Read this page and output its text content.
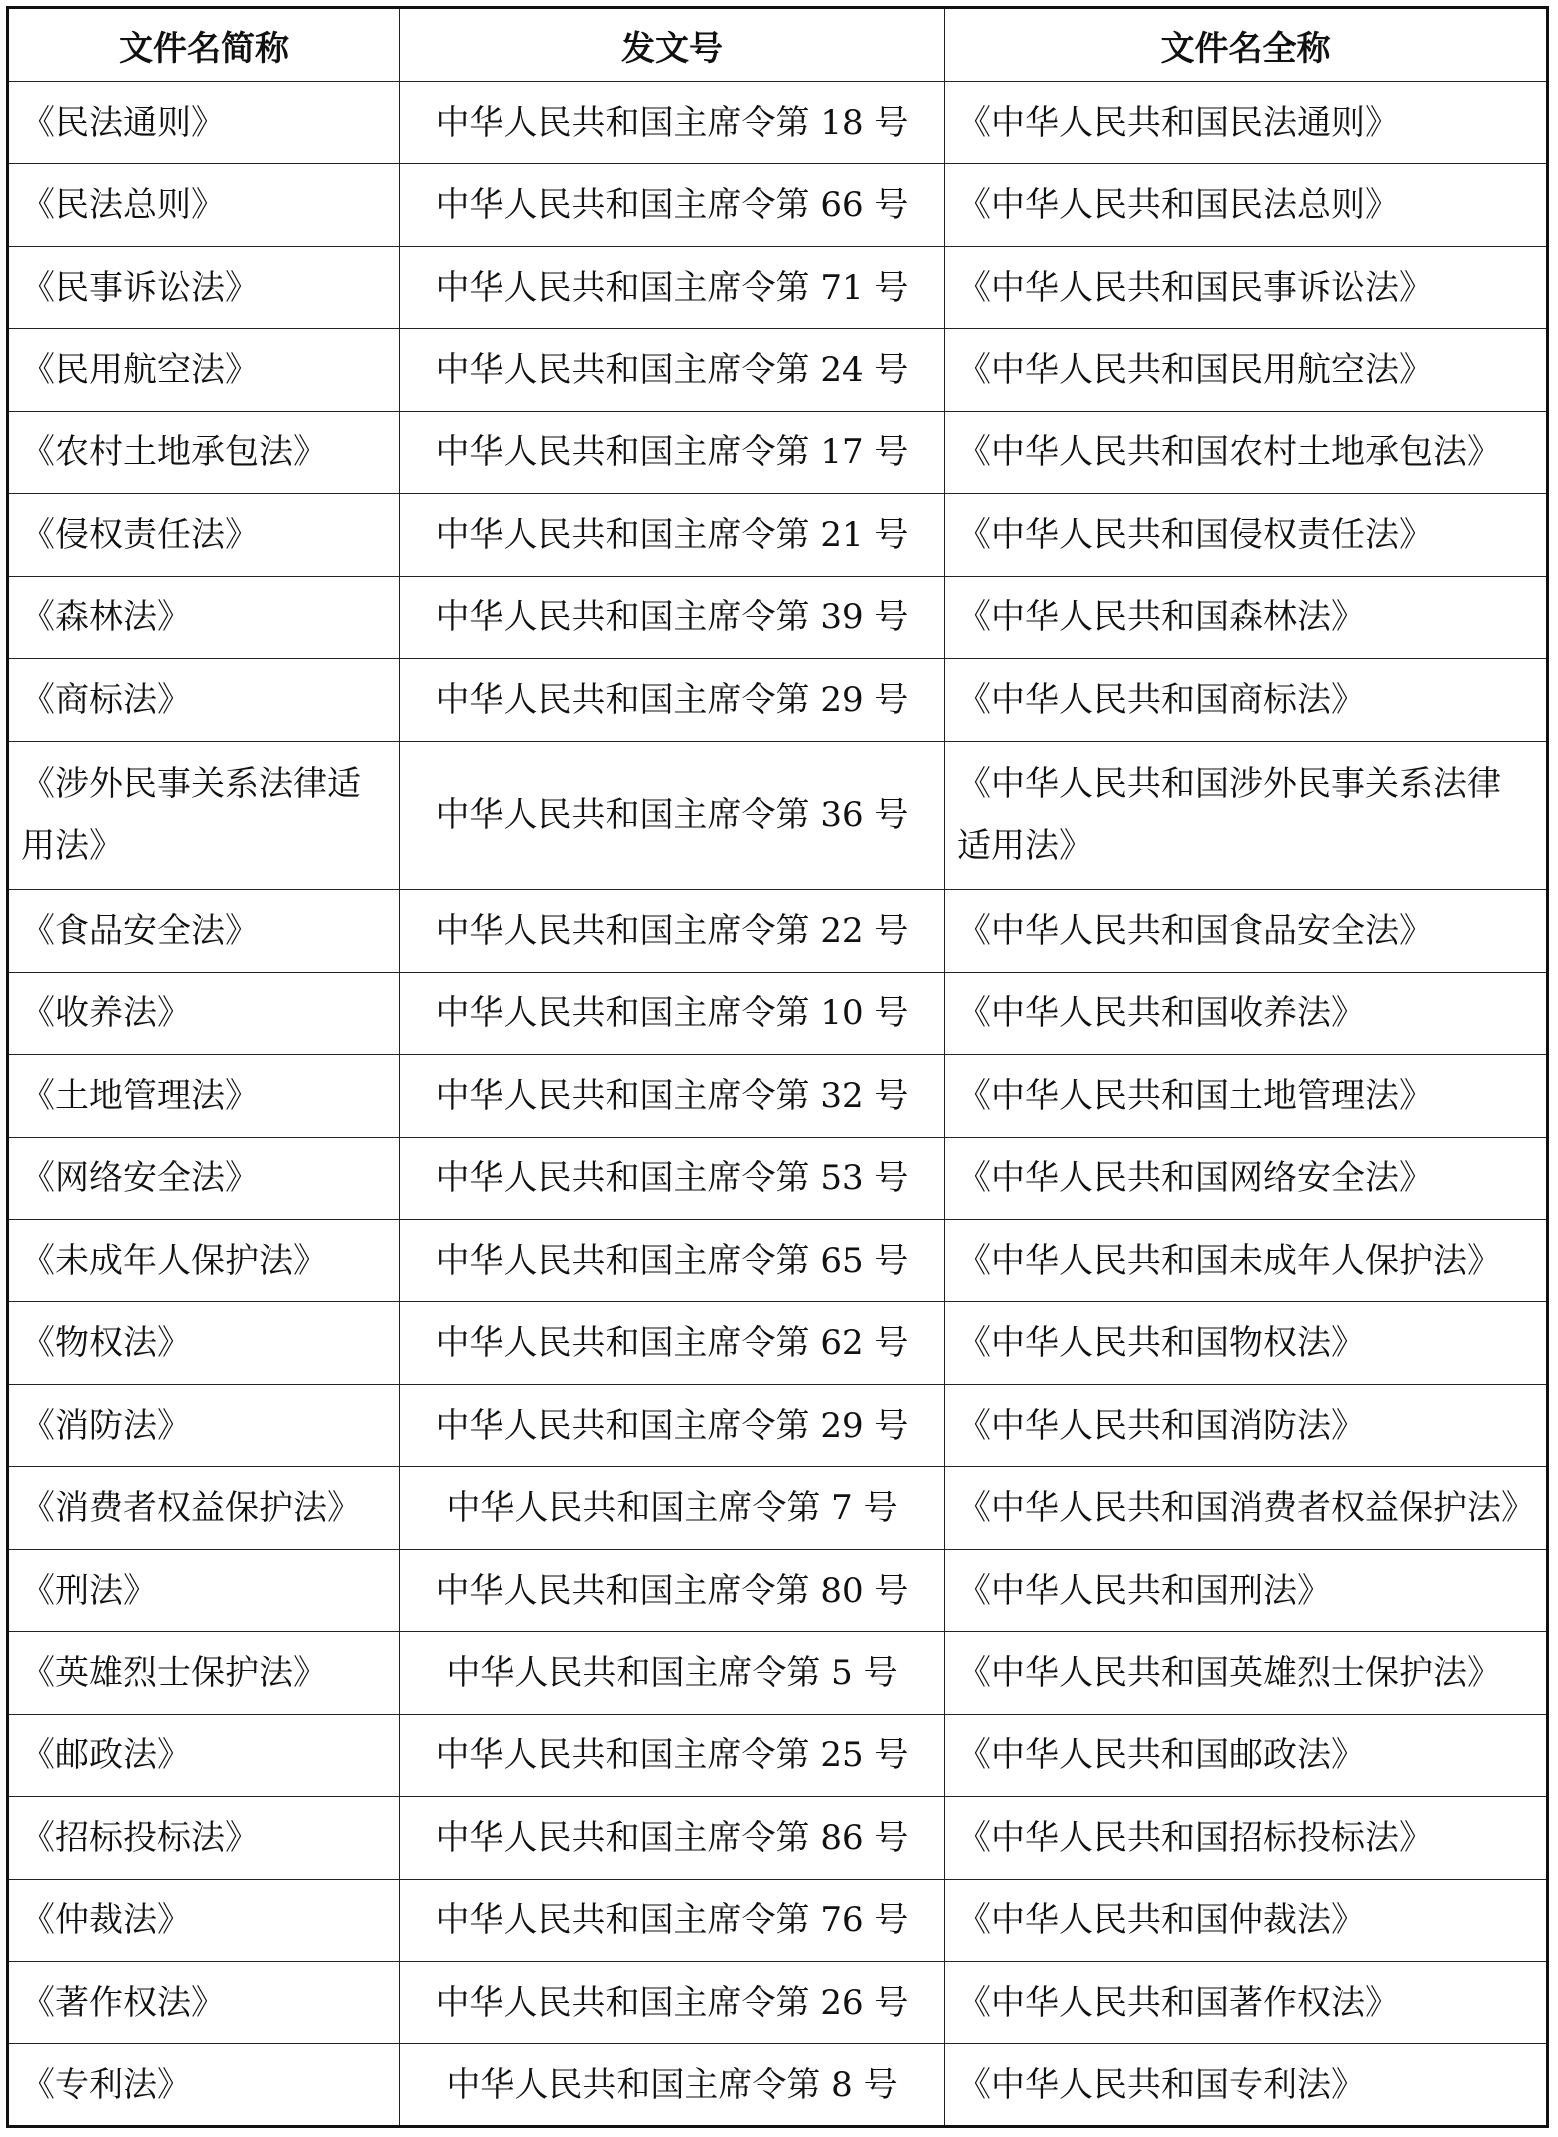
文件名简称	发文号	文件名全称
《民法通则》	中华人民共和国主席令第 18 号	《中华人民共和国民法通则》
《民法总则》	中华人民共和国主席令第 66 号	《中华人民共和国民法总则》
《民事诉讼法》	中华人民共和国主席令第 71 号	《中华人民共和国民事诉讼法》
《民用航空法》	中华人民共和国主席令第 24 号	《中华人民共和国民用航空法》
《农村土地承包法》	中华人民共和国主席令第 17 号	《中华人民共和国农村土地承包法》
《侵权责任法》	中华人民共和国主席令第 21 号	《中华人民共和国侵权责任法》
《森林法》	中华人民共和国主席令第 39 号	《中华人民共和国森林法》
《商标法》	中华人民共和国主席令第 29 号	《中华人民共和国商标法》
《涉外民事关系法律适用法》	中华人民共和国主席令第 36 号	《中华人民共和国涉外民事关系法律适用法》
《食品安全法》	中华人民共和国主席令第 22 号	《中华人民共和国食品安全法》
《收养法》	中华人民共和国主席令第 10 号	《中华人民共和国收养法》
《土地管理法》	中华人民共和国主席令第 32 号	《中华人民共和国土地管理法》
《网络安全法》	中华人民共和国主席令第 53 号	《中华人民共和国网络安全法》
《未成年人保护法》	中华人民共和国主席令第 65 号	《中华人民共和国未成年人保护法》
《物权法》	中华人民共和国主席令第 62 号	《中华人民共和国物权法》
《消防法》	中华人民共和国主席令第 29 号	《中华人民共和国消防法》
《消费者权益保护法》	中华人民共和国主席令第 7 号	《中华人民共和国消费者权益保护法》
《刑法》	中华人民共和国主席令第 80 号	《中华人民共和国刑法》
《英雄烈士保护法》	中华人民共和国主席令第 5 号	《中华人民共和国英雄烈士保护法》
《邮政法》	中华人民共和国主席令第 25 号	《中华人民共和国邮政法》
《招标投标法》	中华人民共和国主席令第 86 号	《中华人民共和国招标投标法》
《仲裁法》	中华人民共和国主席令第 76 号	《中华人民共和国仲裁法》
《著作权法》	中华人民共和国主席令第 26 号	《中华人民共和国著作权法》
《专利法》	中华人民共和国主席令第 8 号	《中华人民共和国专利法》
